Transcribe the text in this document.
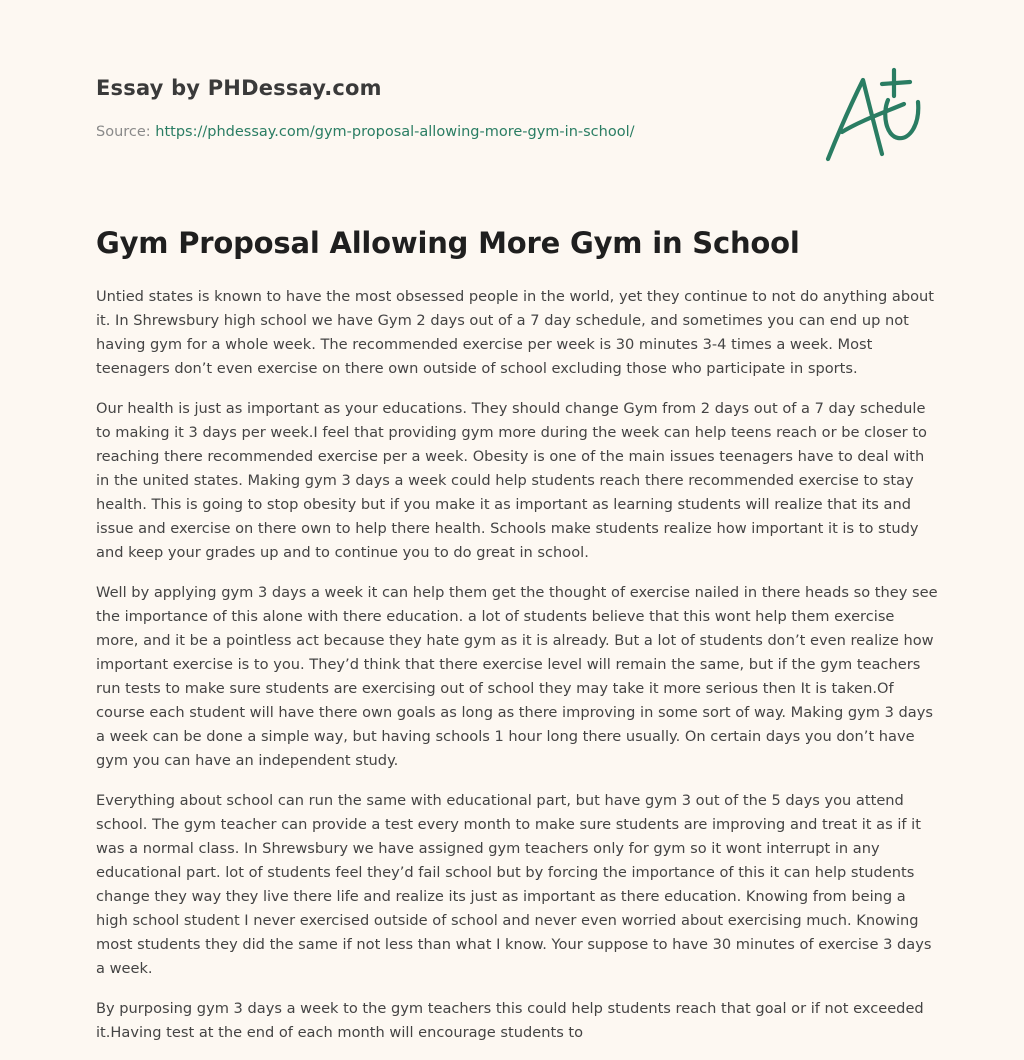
Essay by PHDessay.com
Source: https://phdessay.com/gym-proposal-allowing-more-gym-in-school/
Gym Proposal Allowing More Gym in School

Untied states is known to have the most obsessed people in the world, yet they continue to not do anything about it. In Shrewsbury high school we have Gym 2 days out of a 7 day schedule, and sometimes you can end up not having gym for a whole week. The recommended exercise per week is 30 minutes 3-4 times a week. Most teenagers don’t even exercise on there own outside of school excluding those who participate in sports.

Our health is just as important as your educations. They should change Gym from 2 days out of a 7 day schedule to making it 3 days per week.I feel that providing gym more during the week can help teens reach or be closer to reaching there recommended exercise per a week. Obesity is one of the main issues teenagers have to deal with in the united states. Making gym 3 days a week could help students reach there recommended exercise to stay health. This is going to stop obesity but if you make it as important as learning students will realize that its and issue and exercise on there own to help there health. Schools make students realize how important it is to study and keep your grades up and to continue you to do great in school.

Well by applying gym 3 days a week it can help them get the thought of exercise nailed in there heads so they see the importance of this alone with there education. a lot of students believe that this wont help them exercise more, and it be a pointless act because they hate gym as it is already. But a lot of students don’t even realize how important exercise is to you. They’d think that there exercise level will remain the same, but if the gym teachers run tests to make sure students are exercising out of school they may take it more serious then It is taken.Of course each student will have there own goals as long as there improving in some sort of way. Making gym 3 days a week can be done a simple way, but having schools 1 hour long there usually. On certain days you don’t have gym you can have an independent study.

Everything about school can run the same with educational part, but have gym 3 out of the 5 days you attend school. The gym teacher can provide a test every month to make sure students are improving and treat it as if it was a normal class. In Shrewsbury we have assigned gym teachers only for gym so it wont interrupt in any educational part. lot of students feel they’d fail school but by forcing the importance of this it can help students change they way they live there life and realize its just as important as there education. Knowing from being a high school student I never exercised outside of school and never even worried about exercising much. Knowing most students they did the same if not less than what I know. Your suppose to have 30 minutes of exercise 3 days a week.

By purposing gym 3 days a week to the gym teachers this could help students reach that goal or if not exceeded it.Having test at the end of each month will encourage students to
